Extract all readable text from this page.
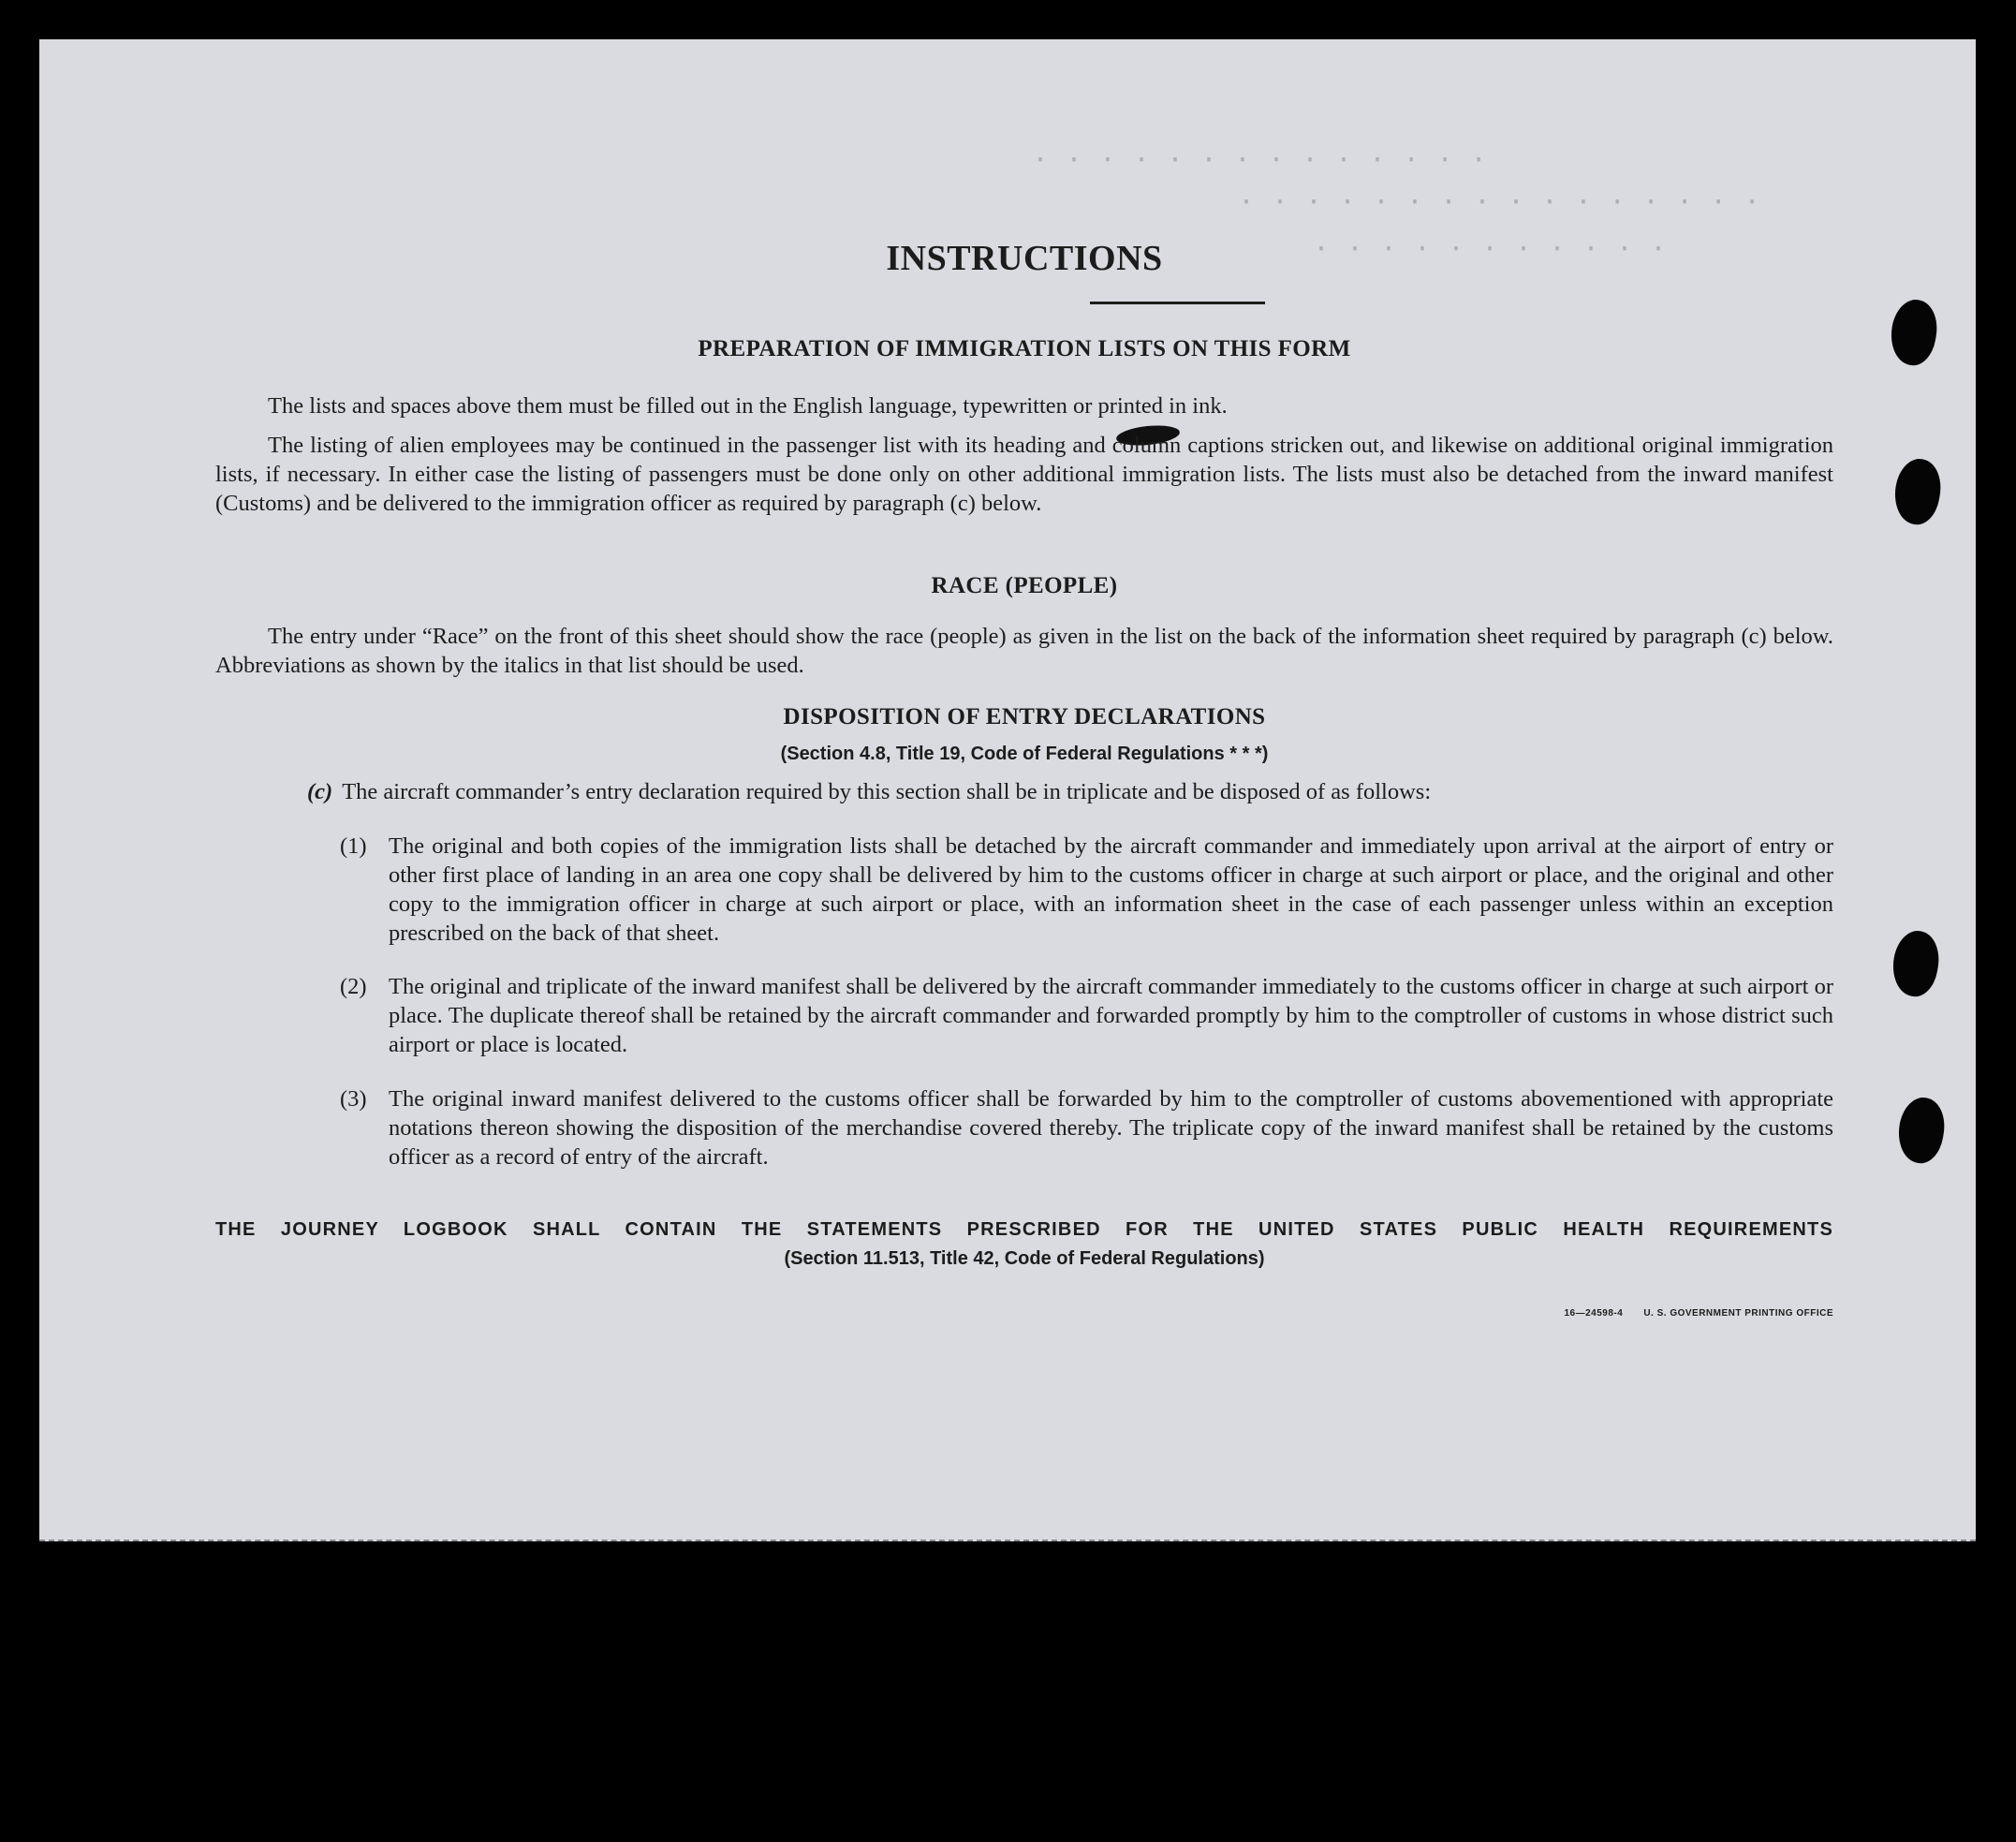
· · · · · · · · · · · · · ·
· · · · · · · · · · · · · · · ·
· · · · · · · · · · ·
INSTRUCTIONS
PREPARATION OF IMMIGRATION LISTS ON THIS FORM
The lists and spaces above them must be filled out in the English language, typewritten or printed in ink.
The listing of alien employees may be continued in the passenger list with its heading and column captions stricken out, and likewise on additional original immigration lists, if necessary. In either case the listing of passengers must be done only on other additional immigration lists. The lists must also be detached from the inward manifest (Customs) and be delivered to the immigration officer as required by paragraph (c) below.
RACE (PEOPLE)
The entry under “Race” on the front of this sheet should show the race (people) as given in the list on the back of the information sheet required by paragraph (c) below. Abbreviations as shown by the italics in that list should be used.
DISPOSITION OF ENTRY DECLARATIONS
(Section 4.8, Title 19, Code of Federal Regulations * * *)
(c) The aircraft commander’s entry declaration required by this section shall be in triplicate and be disposed of as follows:
(1) The original and both copies of the immigration lists shall be detached by the aircraft commander and immediately upon arrival at the airport of entry or other first place of landing in an area one copy shall be delivered by him to the customs officer in charge at such airport or place, and the original and other copy to the immigration officer in charge at such airport or place, with an information sheet in the case of each passenger unless within an exception prescribed on the back of that sheet.
(2) The original and triplicate of the inward manifest shall be delivered by the aircraft commander immediately to the customs officer in charge at such airport or place. The duplicate thereof shall be retained by the aircraft commander and forwarded promptly by him to the comptroller of customs in whose district such airport or place is located.
(3) The original inward manifest delivered to the customs officer shall be forwarded by him to the comptroller of customs abovementioned with appropriate notations thereon showing the disposition of the merchandise covered thereby. The triplicate copy of the inward manifest shall be retained by the customs officer as a record of entry of the aircraft.
THE JOURNEY LOGBOOK SHALL CONTAIN THE STATEMENTS PRESCRIBED FOR THE UNITED STATES PUBLIC HEALTH REQUIREMENTS
(Section 11.513, Title 42, Code of Federal Regulations)
16—24598-4 U. S. GOVERNMENT PRINTING OFFICE
